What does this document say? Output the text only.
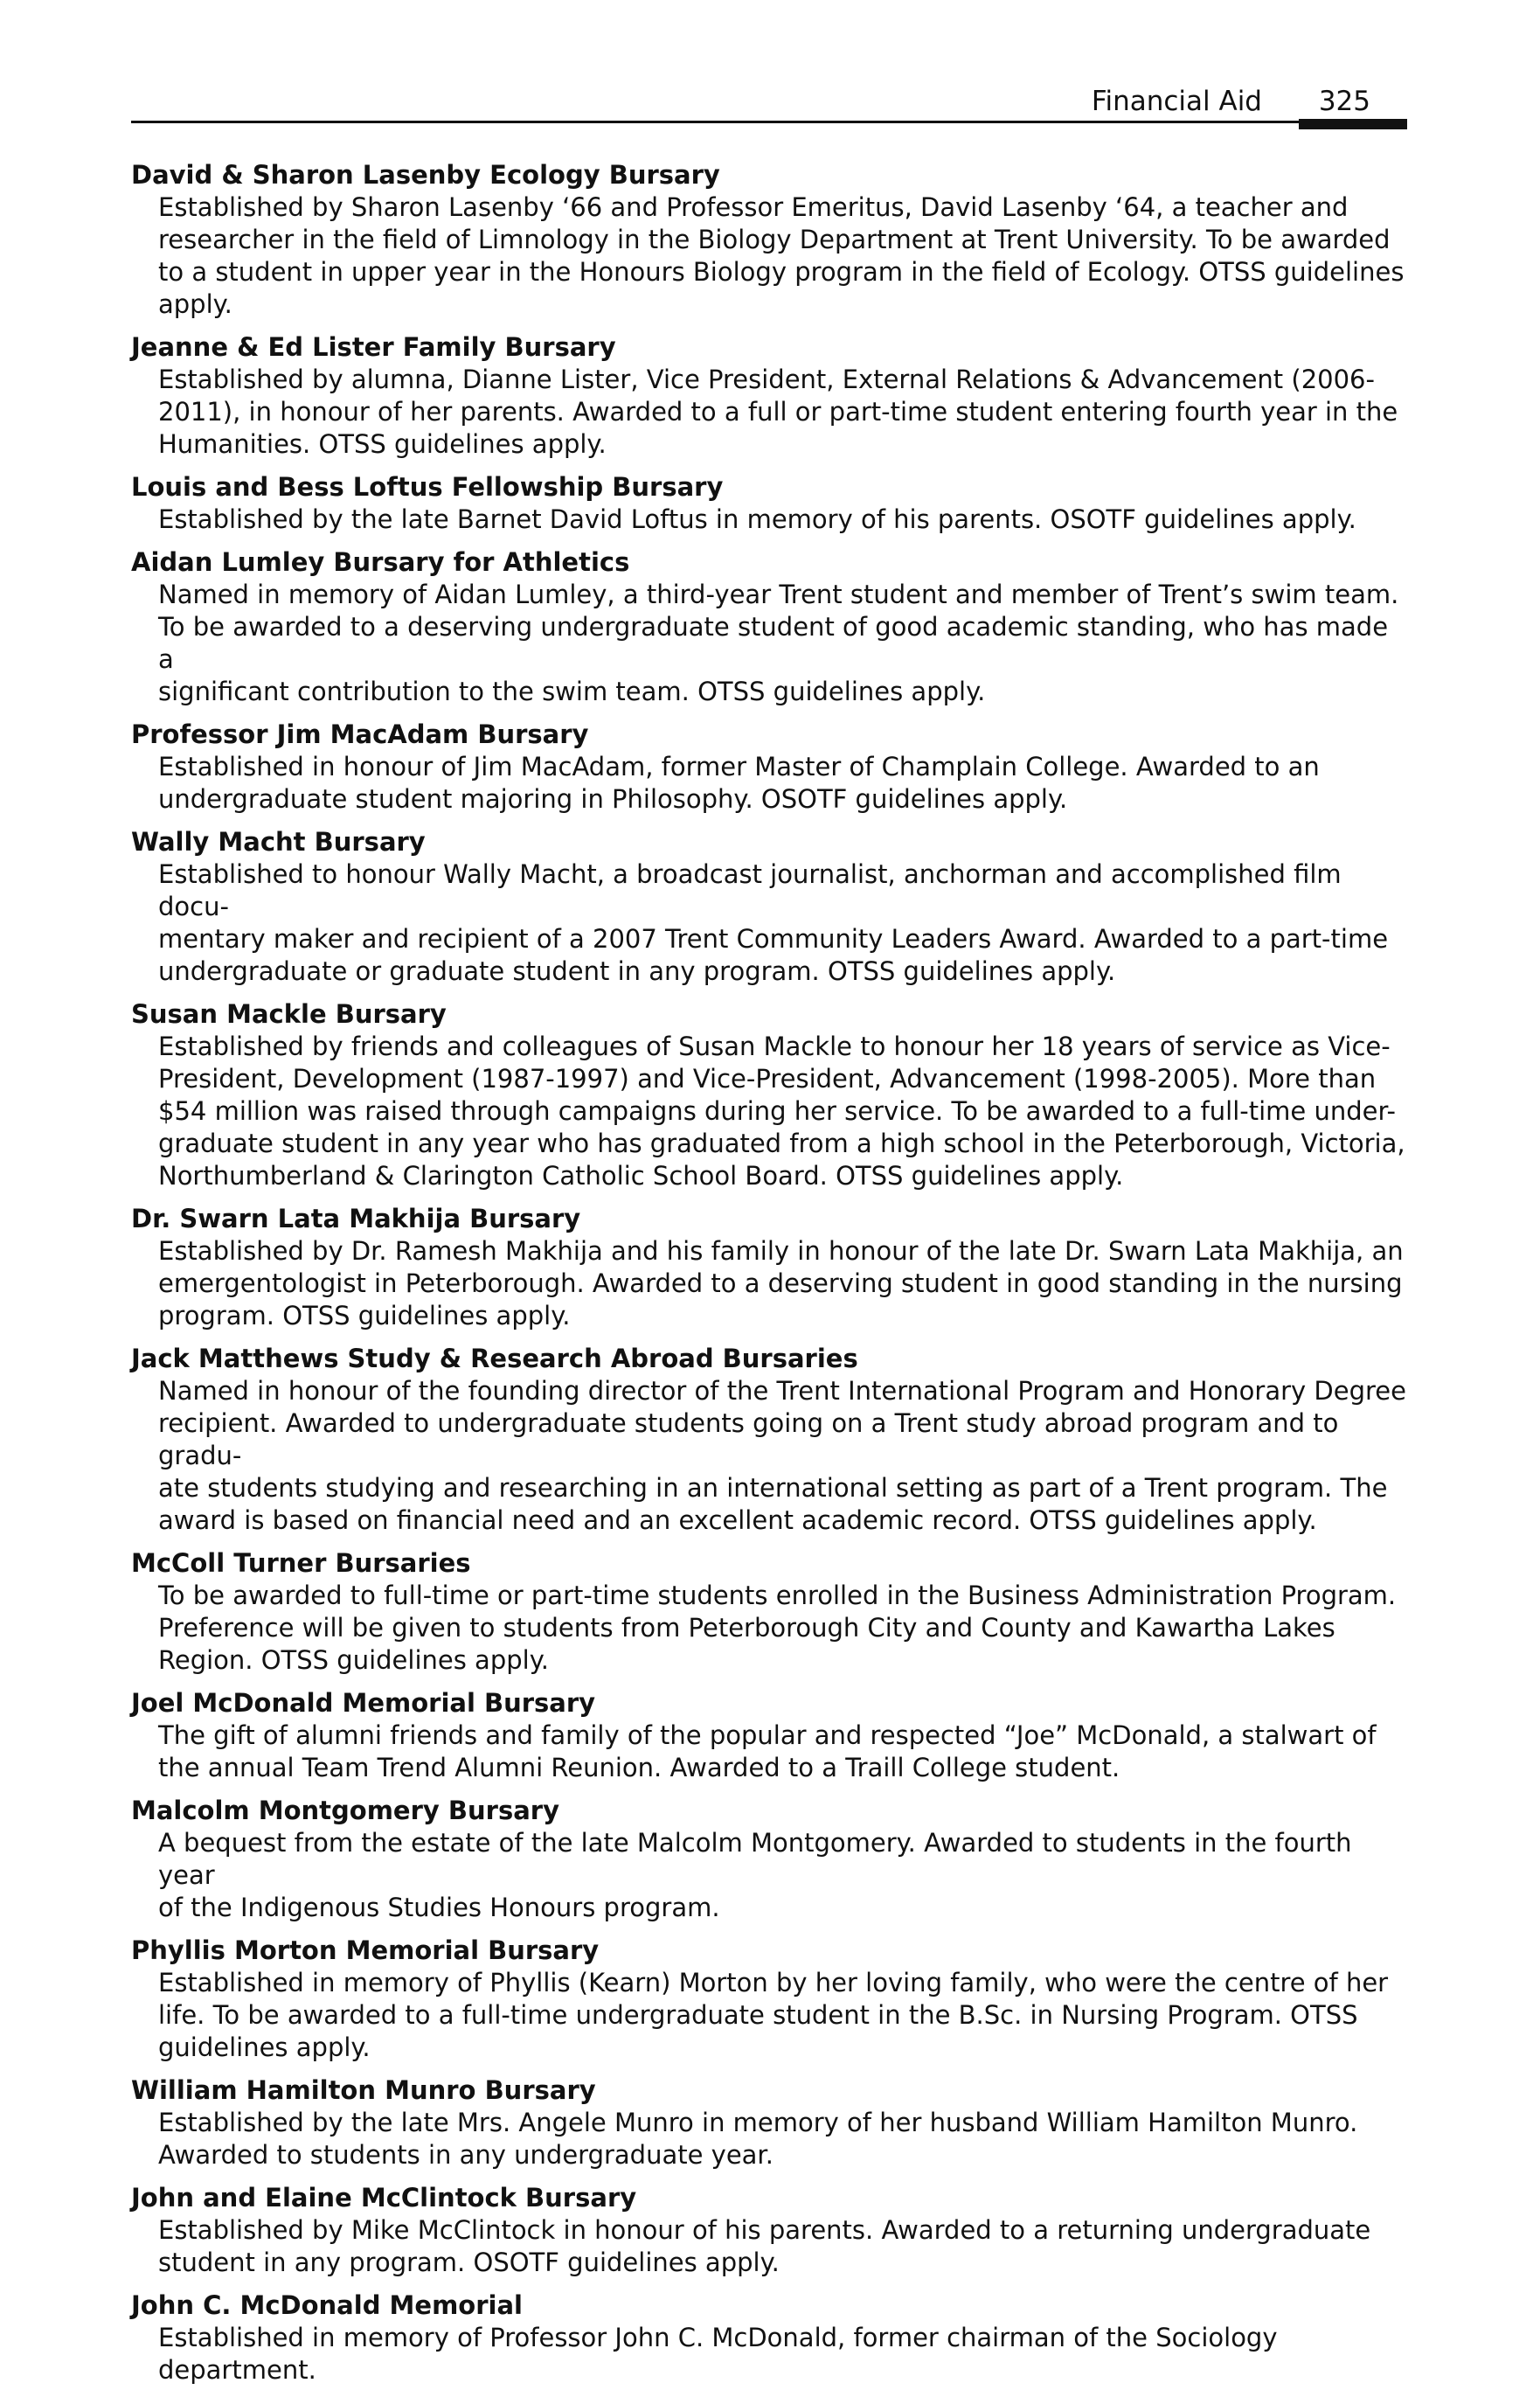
Financial Aid 325

David & Sharon Lasenby Ecology Bursary

Established by Sharon Lasenby ‘66 and Professor Emeritus, David Lasenby ‘64, a teacher and

researcher in the field of Limnology in the Biology Department at Trent University. To be awarded

to a student in upper year in the Honours Biology program in the field of Ecology. OTSS guidelines

apply.

Jeanne & Ed Lister Family Bursary

Established by alumna, Dianne Lister, Vice President, External Relations & Advancement (2006-

2011), in honour of her parents. Awarded to a full or part-time student entering fourth year in the

Humanities. OTSS guidelines apply.

Louis and Bess Loftus Fellowship Bursary

Established by the late Barnet David Loftus in memory of his parents. OSOTF guidelines apply.

Aidan Lumley Bursary for Athletics

Named in memory of Aidan Lumley, a third-year Trent student and member of Trent’s swim team.

To be awarded to a deserving undergraduate student of good academic standing, who has made a

significant contribution to the swim team. OTSS guidelines apply.

Professor Jim MacAdam Bursary

Established in honour of Jim MacAdam, former Master of Champlain College. Awarded to an

undergraduate student majoring in Philosophy. OSOTF guidelines apply.

Wally Macht Bursary

Established to honour Wally Macht, a broadcast journalist, anchorman and accomplished film docu-

mentary maker and recipient of a 2007 Trent Community Leaders Award. Awarded to a part-time

undergraduate or graduate student in any program. OTSS guidelines apply.

Susan Mackle Bursary

Established by friends and colleagues of Susan Mackle to honour her 18 years of service as Vice-

President, Development (1987-1997) and Vice-President, Advancement (1998-2005). More than

$54 million was raised through campaigns during her service. To be awarded to a full-time under-

graduate student in any year who has graduated from a high school in the Peterborough, Victoria,

Northumberland & Clarington Catholic School Board. OTSS guidelines apply.

Dr. Swarn Lata Makhija Bursary

Established by Dr. Ramesh Makhija and his family in honour of the late Dr. Swarn Lata Makhija, an

emergentologist in Peterborough. Awarded to a deserving student in good standing in the nursing

program. OTSS guidelines apply.

Jack Matthews Study & Research Abroad Bursaries

Named in honour of the founding director of the Trent International Program and Honorary Degree

recipient. Awarded to undergraduate students going on a Trent study abroad program and to gradu-

ate students studying and researching in an international setting as part of a Trent program. The

award is based on financial need and an excellent academic record. OTSS guidelines apply.

McColl Turner Bursaries

To be awarded to full-time or part-time students enrolled in the Business Administration Program.

Preference will be given to students from Peterborough City and County and Kawartha Lakes

Region. OTSS guidelines apply.

Joel McDonald Memorial Bursary

The gift of alumni friends and family of the popular and respected “Joe” McDonald, a stalwart of

the annual Team Trend Alumni Reunion. Awarded to a Traill College student.

Malcolm Montgomery Bursary

A bequest from the estate of the late Malcolm Montgomery. Awarded to students in the fourth year

of the Indigenous Studies Honours program.

Phyllis Morton Memorial Bursary

Established in memory of Phyllis (Kearn) Morton by her loving family, who were the centre of her

life. To be awarded to a full-time undergraduate student in the B.Sc. in Nursing Program. OTSS

guidelines apply.

William Hamilton Munro Bursary

Established by the late Mrs. Angele Munro in memory of her husband William Hamilton Munro.

Awarded to students in any undergraduate year.

John and Elaine McClintock Bursary

Established by Mike McClintock in honour of his parents. Awarded to a returning undergraduate

student in any program. OSOTF guidelines apply.

John C. McDonald Memorial

Established in memory of Professor John C. McDonald, former chairman of the Sociology

department.
